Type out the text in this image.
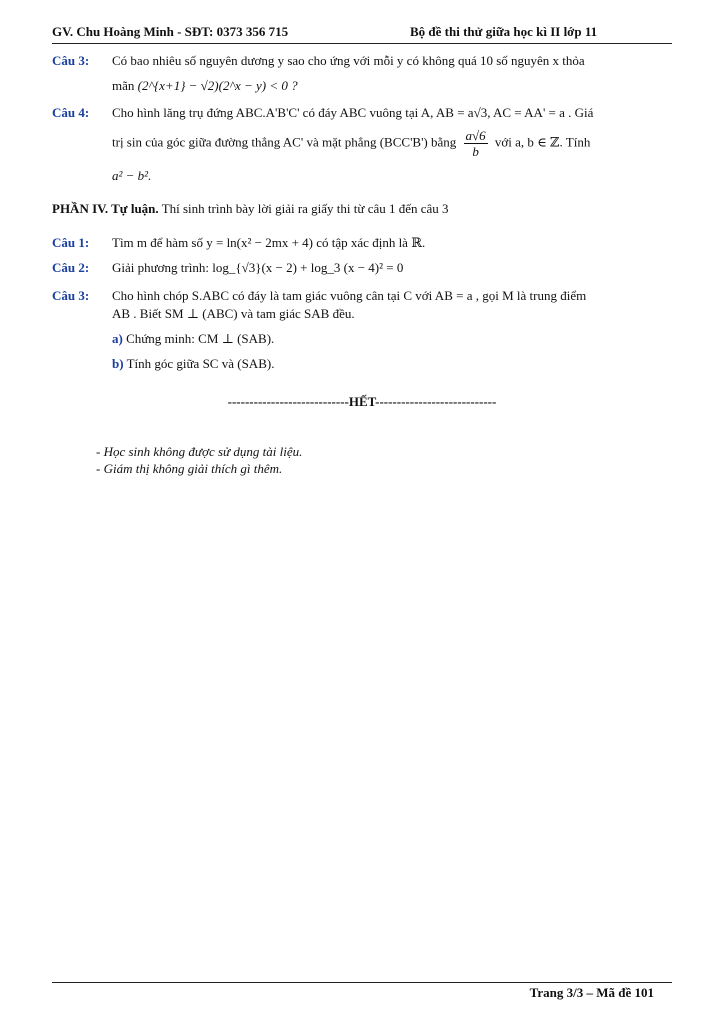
GV. Chu Hoàng Minh - SĐT: 0373 356 715	Bộ đề thi thử giữa học kì II lớp 11
Câu 3: Có bao nhiêu số nguyên dương y sao cho ứng với mỗi y có không quá 10 số nguyên x thỏa
mãn (2^{x+1} − √2)(2^x − y) < 0 ?
Câu 4: Cho hình lăng trụ đứng ABC.A'B'C' có đáy ABC vuông tại A, AB = a√3, AC = AA' = a . Giá
trị sin của góc giữa đường thẳng AC' và mặt phẳng (BCC'B') bằng $\frac{a√6}{b}$ với a, b ∈ ℤ. Tính
a² − b².
PHẦN IV. Tự luận. Thí sinh trình bày lời giải ra giấy thi từ câu 1 đến câu 3
Câu 1: Tìm m để hàm số y = ln(x² − 2mx + 4) có tập xác định là ℝ.
Câu 2: Giải phương trình: log_{√3}(x − 2) + log_3 (x − 4)² = 0
Câu 3: Cho hình chóp S.ABC có đáy là tam giác vuông cân tại C với AB = a , gọi M là trung điểm
AB . Biết SM ⊥ (ABC) và tam giác SAB đều.
a) Chứng minh: CM ⊥ (SAB).
b) Tính góc giữa SC và (SAB).
----------------------------HẾT----------------------------
- Học sinh không được sử dụng tài liệu.
- Giám thị không giải thích gì thêm.
Trang 3/3 – Mã đề 101
